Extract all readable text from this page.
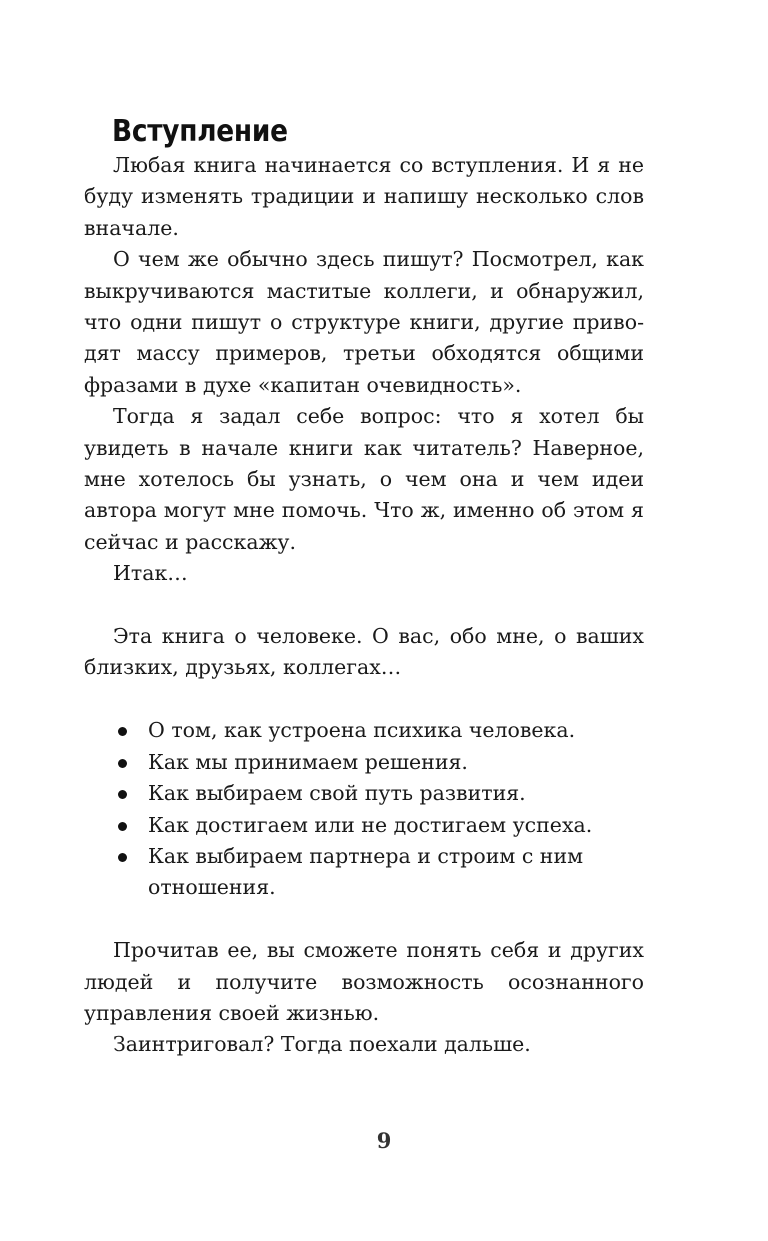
Вступление

Любая книга начинается со вступления. И я не буду изменять традиции и напишу несколько слов вначале.

О чем же обычно здесь пишут? Посмотрел, как выкручиваются маститые коллеги, и обнаружил, что одни пишут о структуре книги, другие приводят массу примеров, третьи обходятся общими фразами в духе «капитан очевидность».

Тогда я задал себе вопрос: что я хотел бы увидеть в начале книги как читатель? Наверное, мне хотелось бы узнать, о чем она и чем идеи автора могут мне помочь. Что ж, именно об этом я сейчас и расскажу.

Итак…

Эта книга о человеке. О вас, обо мне, о ваших близких, друзьях, коллегах…

О том, как устроена психика человека.
Как мы принимаем решения.
Как выбираем свой путь развития.
Как достигаем или не достигаем успеха.
Как выбираем партнера и строим с ним отношения.

Прочитав ее, вы сможете понять себя и других людей и получите возможность осознанного управления своей жизнью.

Заинтриговал? Тогда поехали дальше.

9
